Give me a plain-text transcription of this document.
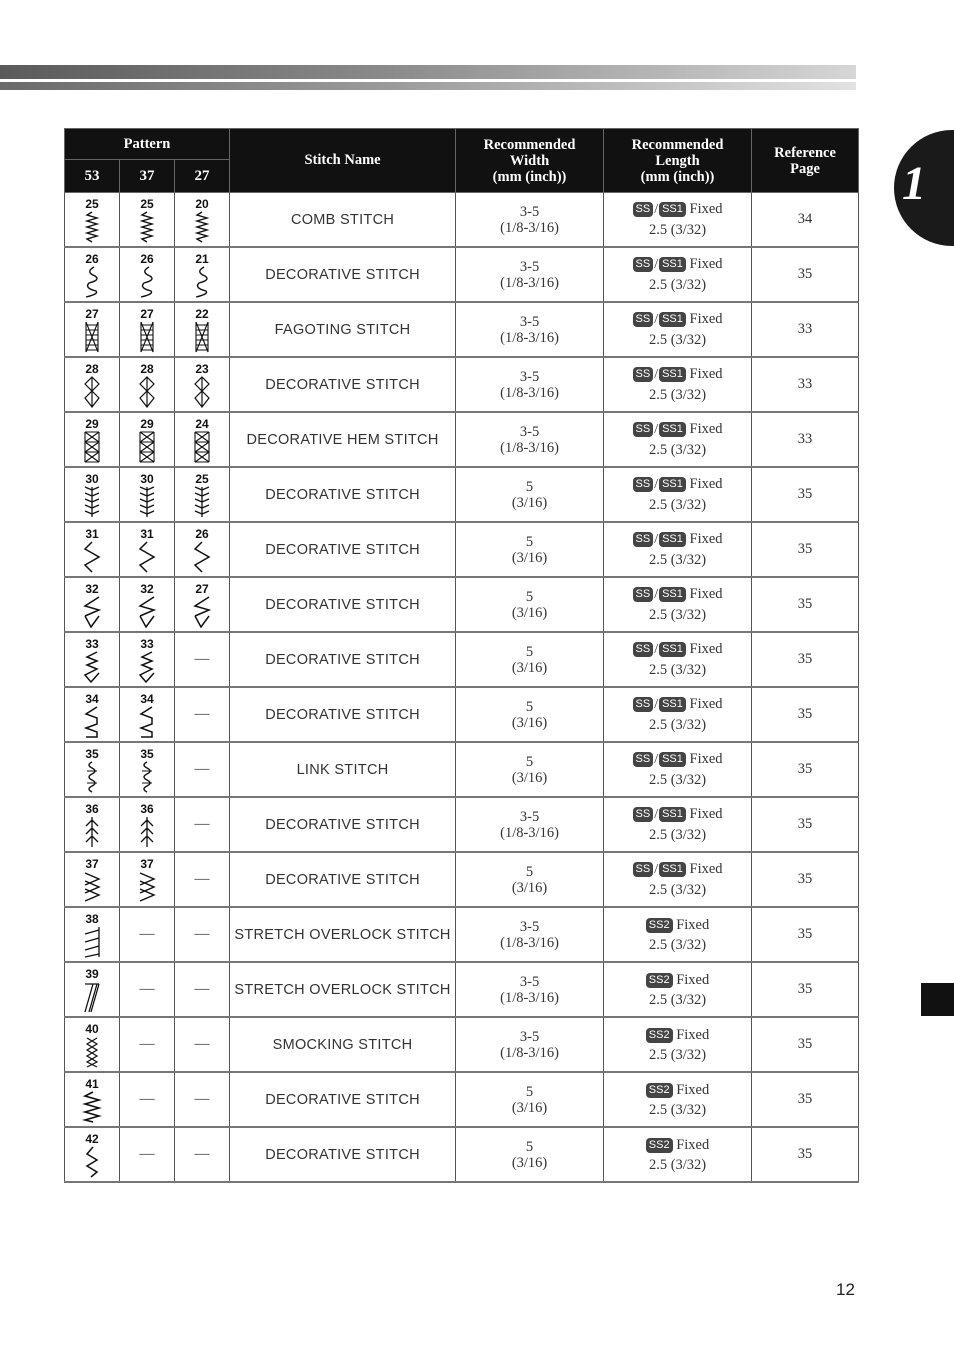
1
Pattern			Stitch Name	Recommended
Width
(mm (inch))	Recommended
Length
(mm (inch))	Reference
Page

53	37	27				

25	25	20	COMB STITCH	3-5
(1/8-3/16)	SS / SS1 Fixed
2.5 (3/32)	34

26	26	21	DECORATIVE STITCH	3-5
(1/8-3/16)	SS / SS1 Fixed
2.5 (3/32)	35

27	27	22	FAGOTING STITCH	3-5
(1/8-3/16)	SS / SS1 Fixed
2.5 (3/32)	33

28	28	23	DECORATIVE STITCH	3-5
(1/8-3/16)	SS / SS1 Fixed
2.5 (3/32)	33

29	29	24	DECORATIVE HEM STITCH	3-5
(1/8-3/16)	SS / SS1 Fixed
2.5 (3/32)	33

30	30	25	DECORATIVE STITCH	5
(3/16)	SS / SS1 Fixed
2.5 (3/32)	35

31	31	26	DECORATIVE STITCH	5
(3/16)	SS / SS1 Fixed
2.5 (3/32)	35

32	32	27	DECORATIVE STITCH	5
(3/16)	SS / SS1 Fixed
2.5 (3/32)	35

33	33	—	DECORATIVE STITCH	5
(3/16)	SS / SS1 Fixed
2.5 (3/32)	35

34	34	—	DECORATIVE STITCH	5
(3/16)	SS / SS1 Fixed
2.5 (3/32)	35

35	35	—	LINK STITCH	5
(3/16)	SS / SS1 Fixed
2.5 (3/32)	35

36	36	—	DECORATIVE STITCH	3-5
(1/8-3/16)	SS / SS1 Fixed
2.5 (3/32)	35

37	37	—	DECORATIVE STITCH	5
(3/16)	SS / SS1 Fixed
2.5 (3/32)	35

38	—	—	STRETCH OVERLOCK STITCH	3-5
(1/8-3/16)	SS2 Fixed
2.5 (3/32)	35

39	—	—	STRETCH OVERLOCK STITCH	3-5
(1/8-3/16)	SS2 Fixed
2.5 (3/32)	35

40	—	—	SMOCKING STITCH	3-5
(1/8-3/16)	SS2 Fixed
2.5 (3/32)	35

41	—	—	DECORATIVE STITCH	5
(3/16)	SS2 Fixed
2.5 (3/32)	35

42	—	—	DECORATIVE STITCH	5
(3/16)	SS2 Fixed
2.5 (3/32)	35
12
